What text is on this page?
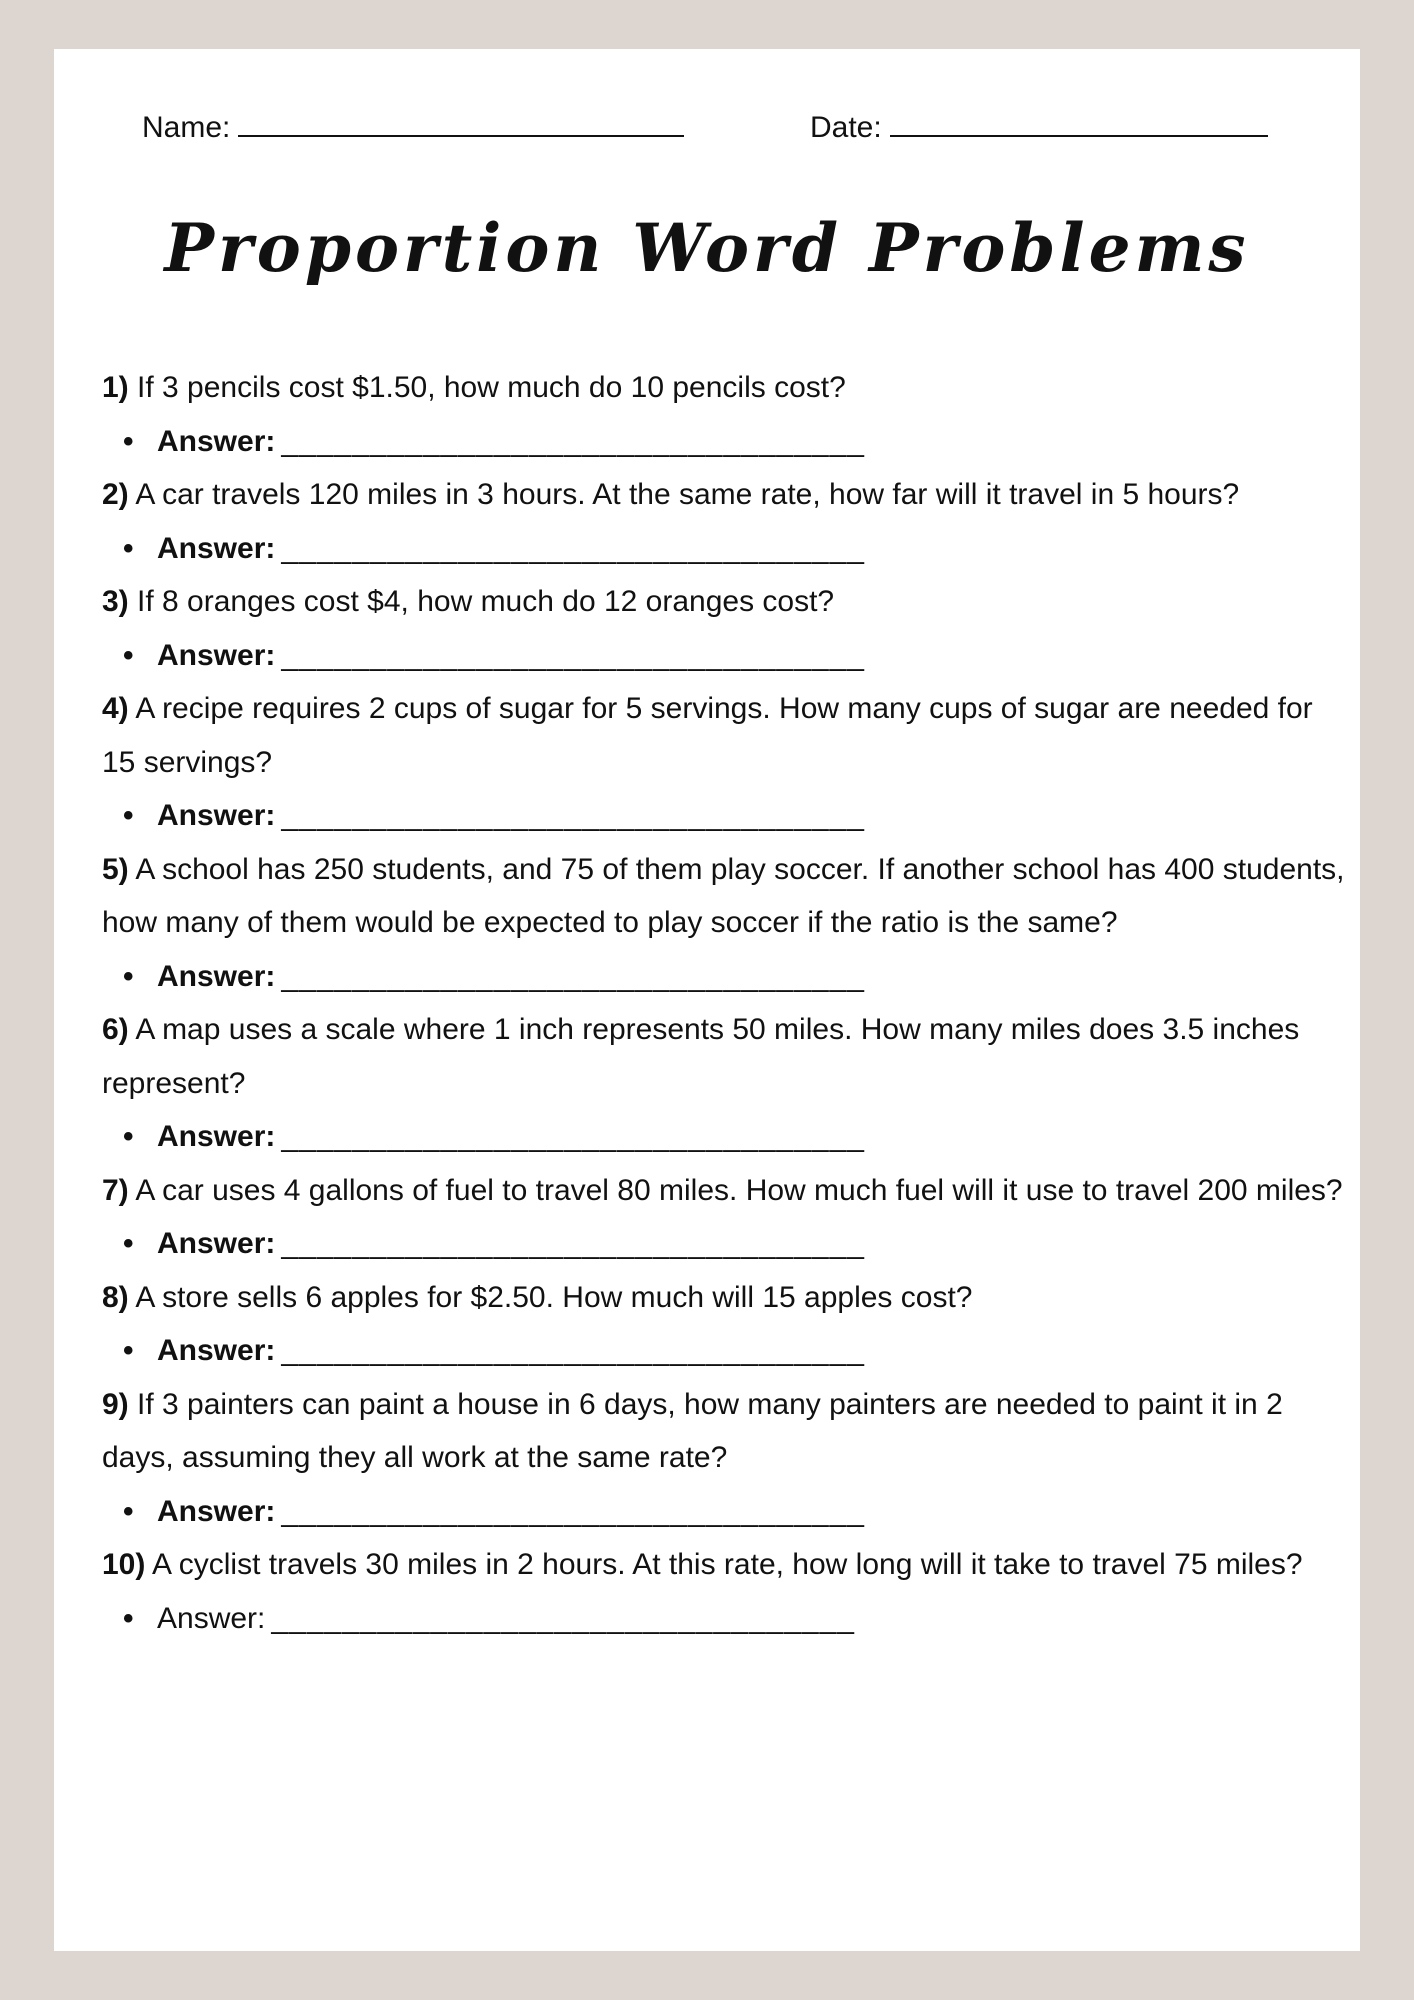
Name:	Date:
Proportion Word Problems

1) If 3 pencils cost $1.50, how much do 10 pencils cost?

• Answer: _________________________________

2) A car travels 120 miles in 3 hours. At the same rate, how far will it travel in 5 hours?

• Answer: _________________________________

3) If 8 oranges cost $4, how much do 12 oranges cost?

• Answer: _________________________________

4) A recipe requires 2 cups of sugar for 5 servings. How many cups of sugar are needed for 15 servings?

• Answer: _________________________________

5) A school has 250 students, and 75 of them play soccer. If another school has 400 students, how many of them would be expected to play soccer if the ratio is the same?

• Answer: _________________________________

6) A map uses a scale where 1 inch represents 50 miles. How many miles does 3.5 inches represent?

• Answer: _________________________________

7) A car uses 4 gallons of fuel to travel 80 miles. How much fuel will it use to travel 200 miles?

• Answer: _________________________________

8) A store sells 6 apples for $2.50. How much will 15 apples cost?

• Answer: _________________________________

9) If 3 painters can paint a house in 6 days, how many painters are needed to paint it in 2 days, assuming they all work at the same rate?

• Answer: _________________________________

10) A cyclist travels 30 miles in 2 hours. At this rate, how long will it take to travel 75 miles?

• Answer: _________________________________
